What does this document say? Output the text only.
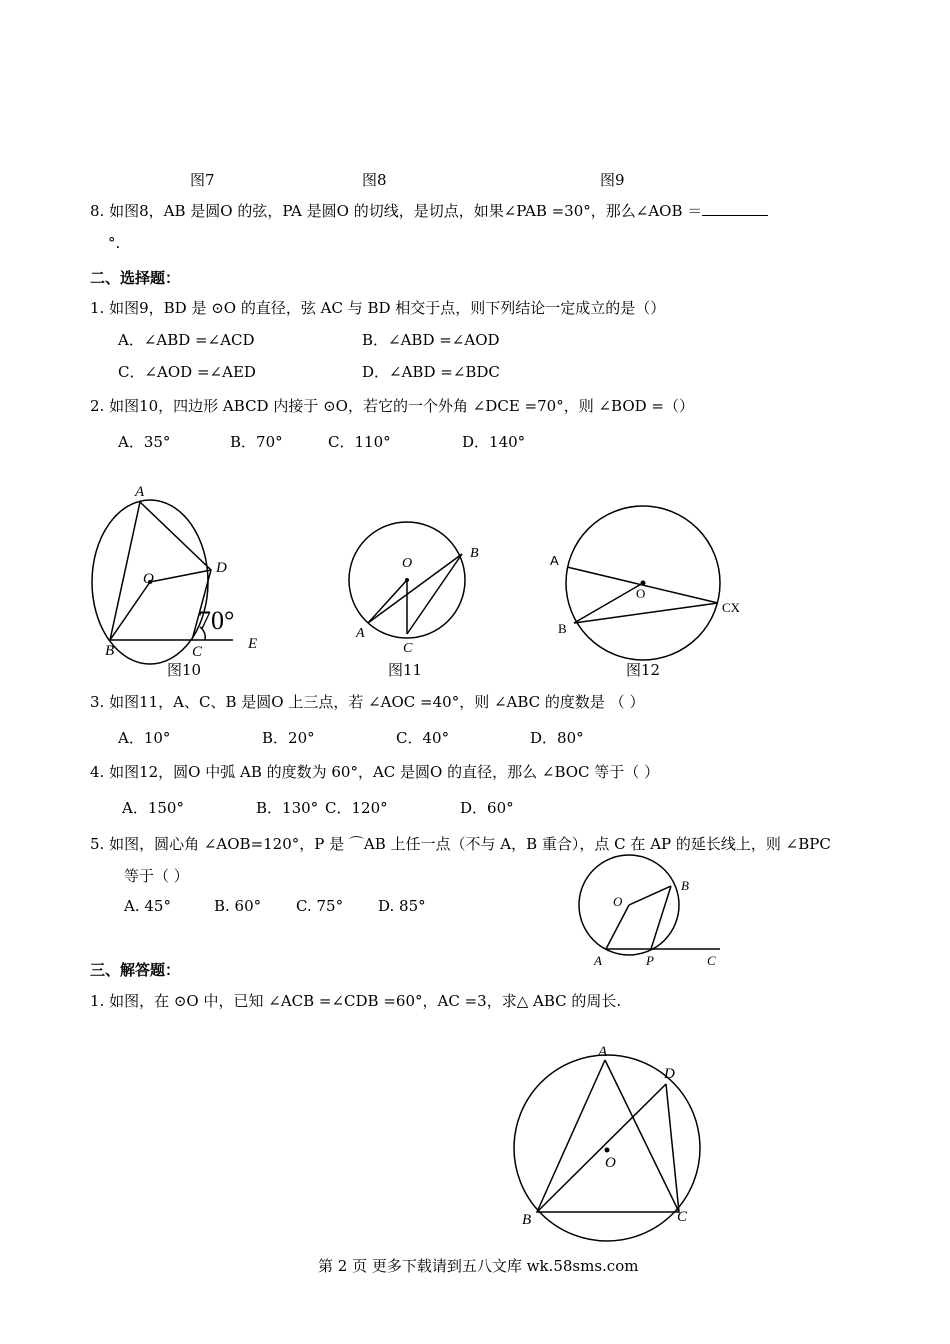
图7	图8	图9
8. 如图8，AB 是圆O 的弦，PA 是圆O 的切线，是切点，如果∠PAB =30°，那么∠AOB ＝
°.
二、选择题：
1. 如图9，BD 是 ⊙O 的直径，弦 AC 与 BD 相交于点，则下列结论一定成立的是（）
A．∠ABD =∠ACD	B．∠ABD =∠AOD
C．∠AOD =∠AED	D．∠ABD =∠BDC
2. 如图10，四边形 ABCD 内接于 ⊙O，若它的一个外角 ∠DCE =70°，则 ∠BOD =（）
A．35°	B．70°	C．110°	D．140°
A
O
D
B	C	E
70°
图10
O
B
A
C
图11
A
O
CX
B
图12
3. 如图11，A、C、B 是圆O 上三点，若 ∠AOC =40°，则 ∠ABC 的度数是 （ ）
A．10°	B．20°	C．40°	D．80°
4. 如图12，圆O 中弧 AB 的度数为 60°，AC 是圆O 的直径，那么 ∠BOC 等于（ ）
A．150°	B．130° C．120°	D．60°
5. 如图，圆心角 ∠AOB=120°，P 是 ⌒AB 上任一点（不与 A，B 重合），点 C 在 AP 的延长线上，则 ∠BPC
等于（ ）
A. 45°	B. 60° C. 75° D. 85°	O
B
A	P	C
三、解答题：
1. 如图，在 ⊙O 中，已知 ∠ACB =∠CDB =60°，AC =3，求△ ABC 的周长.
A
D
O
B	C
第 2 页 更多下载请到五八文库 wk.58sms.com
